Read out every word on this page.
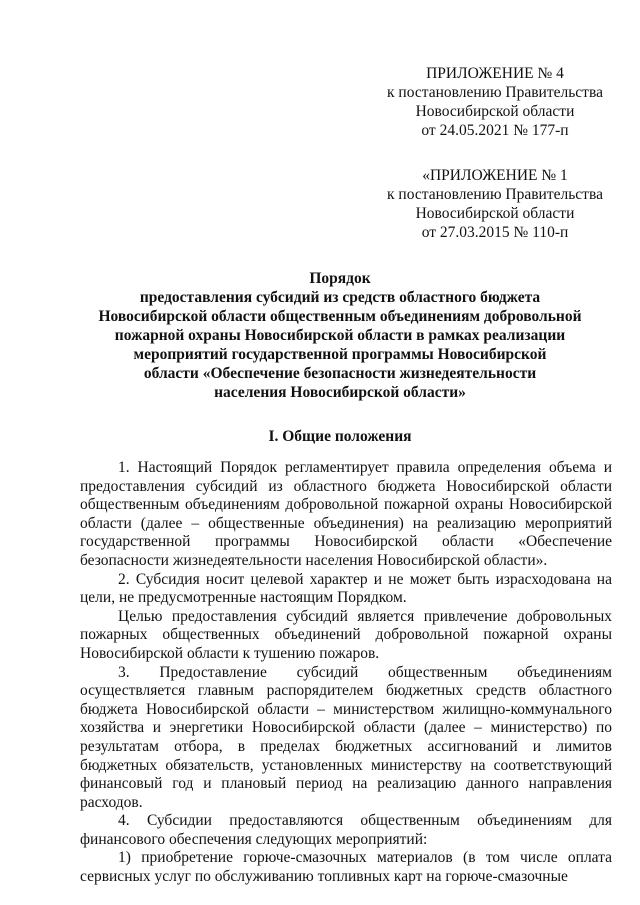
ПРИЛОЖЕНИЕ № 4
к постановлению Правительства
Новосибирской области
от 24.05.2021 № 177-п
«ПРИЛОЖЕНИЕ № 1
к постановлению Правительства
Новосибирской области
от 27.03.2015 № 110-п
Порядок
предоставления субсидий из средств областного бюджета
Новосибирской области общественным объединениям добровольной
пожарной охраны Новосибирской области в рамках реализации
мероприятий государственной программы Новосибирской
области «Обеспечение безопасности жизнедеятельности
населения Новосибирской области»
I. Общие положения

1. Настоящий Порядок регламентирует правила определения объема и предоставления субсидий из областного бюджета Новосибирской области общественным объединениям добровольной пожарной охраны Новосибирской области (далее – общественные объединения) на реализацию мероприятий государственной программы Новосибирской области «Обеспечение безопасности жизнедеятельности населения Новосибирской области».

2. Субсидия носит целевой характер и не может быть израсходована на цели, не предусмотренные настоящим Порядком.

Целью предоставления субсидий является привлечение добровольных пожарных общественных объединений добровольной пожарной охраны Новосибирской области к тушению пожаров.

3. Предоставление субсидий общественным объединениям осуществляется главным распорядителем бюджетных средств областного бюджета Новосибирской области – министерством жилищно-коммунального хозяйства и энергетики Новосибирской области (далее – министерство) по результатам отбора, в пределах бюджетных ассигнований и лимитов бюджетных обязательств, установленных министерству на соответствующий финансовый год и плановый период на реализацию данного направления расходов.

4. Субсидии предоставляются общественным объединениям для финансового обеспечения следующих мероприятий:

1) приобретение горюче-смазочных материалов (в том числе оплата сервисных услуг по обслуживанию топливных карт на горюче-смазочные
